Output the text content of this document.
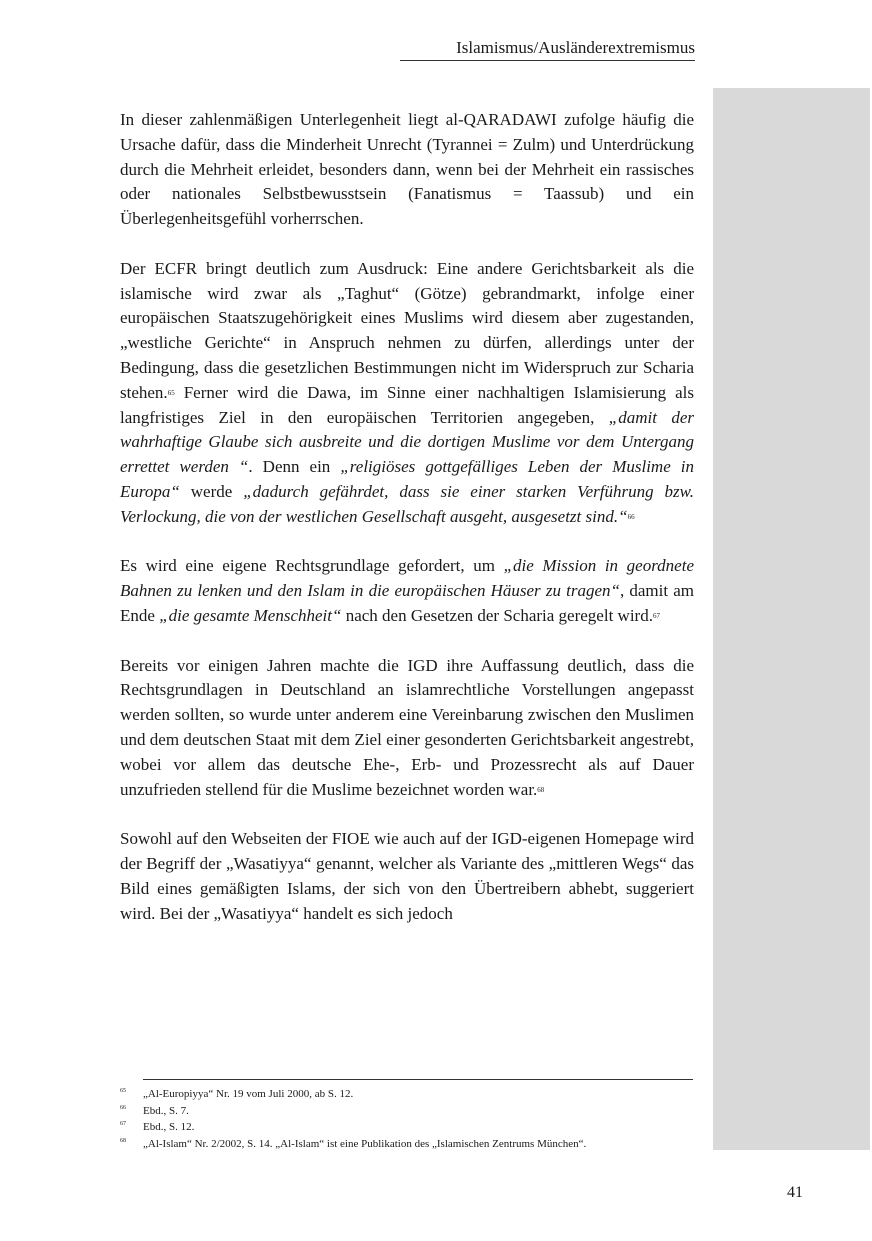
Islamismus/Ausländerextremismus

In dieser zahlenmäßigen Unterlegenheit liegt al-QARADAWI zufolge häufig die Ursache dafür, dass die Minderheit Unrecht (Tyrannei = Zulm) und Unterdrückung durch die Mehrheit erleidet, besonders dann, wenn bei der Mehrheit ein rassisches oder nationales Selbstbewusstsein (Fanatismus = Taassub) und ein Überlegenheitsgefühl vorherrschen.

Der ECFR bringt deutlich zum Ausdruck: Eine andere Gerichtsbarkeit als die islamische wird zwar als „Taghut“ (Götze) gebrandmarkt, infolge einer europäischen Staatszugehörigkeit eines Muslims wird diesem aber zugestanden, „westliche Gerichte“ in Anspruch nehmen zu dürfen, allerdings unter der Bedingung, dass die gesetzlichen Bestimmungen nicht im Widerspruch zur Scharia stehen.$^{65}$ Ferner wird die Dawa, im Sinne einer nachhaltigen Islamisierung als langfristiges Ziel in den europäischen Territorien angegeben, „damit der wahrhaftige Glaube sich ausbreite und die dortigen Muslime vor dem Untergang errettet werden “. Denn ein „religiöses gottgefälliges Leben der Muslime in Europa“ werde „dadurch gefährdet, dass sie einer starken Verführung bzw. Verlockung, die von der westlichen Gesellschaft ausgeht, ausgesetzt sind.“$^{66}$

Es wird eine eigene Rechtsgrundlage gefordert, um „die Mission in geordnete Bahnen zu lenken und den Islam in die europäischen Häuser zu tragen“, damit am Ende „die gesamte Menschheit“ nach den Gesetzen der Scharia geregelt wird.$^{67}$

Bereits vor einigen Jahren machte die IGD ihre Auffassung deutlich, dass die Rechtsgrundlagen in Deutschland an islamrechtliche Vorstellungen angepasst werden sollten, so wurde unter anderem eine Vereinbarung zwischen den Muslimen und dem deutschen Staat mit dem Ziel einer gesonderten Gerichtsbarkeit angestrebt, wobei vor allem das deutsche Ehe-, Erb- und Prozessrecht als auf Dauer unzufrieden stellend für die Muslime bezeichnet worden war.$^{68}$

Sowohl auf den Webseiten der FIOE wie auch auf der IGD-eigenen Homepage wird der Begriff der „Wasatiyya“ genannt, welcher als Variante des „mittleren Wegs“ das Bild eines gemäßigten Islams, der sich von den Übertreibern abhebt, suggeriert wird. Bei der „Wasatiyya“ handelt es sich jedoch

65 „Al-Europiyya“ Nr. 19 vom Juli 2000, ab S. 12.
66 Ebd., S. 7.
67 Ebd., S. 12.
68 „Al-Islam“ Nr. 2/2002, S. 14. „Al-Islam“ ist eine Publikation des „Islamischen Zentrums München“.
41
